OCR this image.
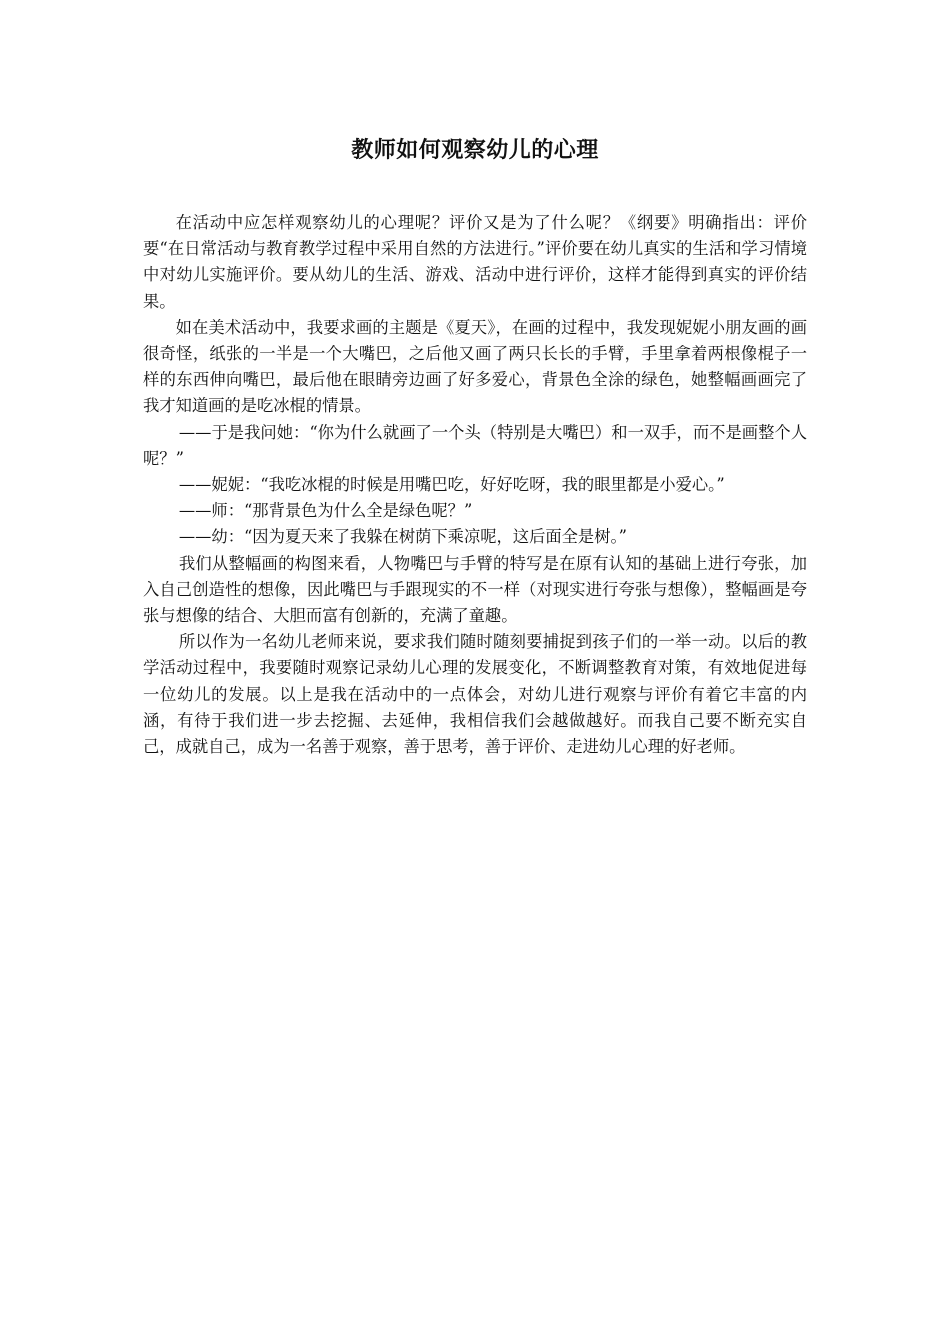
教师如何观察幼儿的心理

在活动中应怎样观察幼儿的心理呢？评价又是为了什么呢？《纲要》明确指出：评价要“在日常活动与教育教学过程中采用自然的方法进行。”评价要在幼儿真实的生活和学习情境中对幼儿实施评价。要从幼儿的生活、游戏、活动中进行评价，这样才能得到真实的评价结果。

如在美术活动中，我要求画的主题是《夏天》，在画的过程中，我发现妮妮小朋友画的画很奇怪，纸张的一半是一个大嘴巴，之后他又画了两只长长的手臂，手里拿着两根像棍子一样的东西伸向嘴巴，最后他在眼睛旁边画了好多爱心，背景色全涂的绿色，她整幅画画完了我才知道画的是吃冰棍的情景。

——于是我问她：“你为什么就画了一个头（特别是大嘴巴）和一双手，而不是画整个人呢？”

——妮妮：“我吃冰棍的时候是用嘴巴吃，好好吃呀，我的眼里都是小爱心。”

——师：“那背景色为什么全是绿色呢？”

——幼：“因为夏天来了我躲在树荫下乘凉呢，这后面全是树。”

我们从整幅画的构图来看，人物嘴巴与手臂的特写是在原有认知的基础上进行夸张，加入自己创造性的想像，因此嘴巴与手跟现实的不一样（对现实进行夸张与想像），整幅画是夸张与想像的结合、大胆而富有创新的，充满了童趣。

所以作为一名幼儿老师来说，要求我们随时随刻要捕捉到孩子们的一举一动。以后的教学活动过程中，我要随时观察记录幼儿心理的发展变化，不断调整教育对策，有效地促进每一位幼儿的发展。以上是我在活动中的一点体会，对幼儿进行观察与评价有着它丰富的内涵，有待于我们进一步去挖掘、去延伸，我相信我们会越做越好。而我自己要不断充实自己，成就自己，成为一名善于观察，善于思考，善于评价、走进幼儿心理的好老师。
